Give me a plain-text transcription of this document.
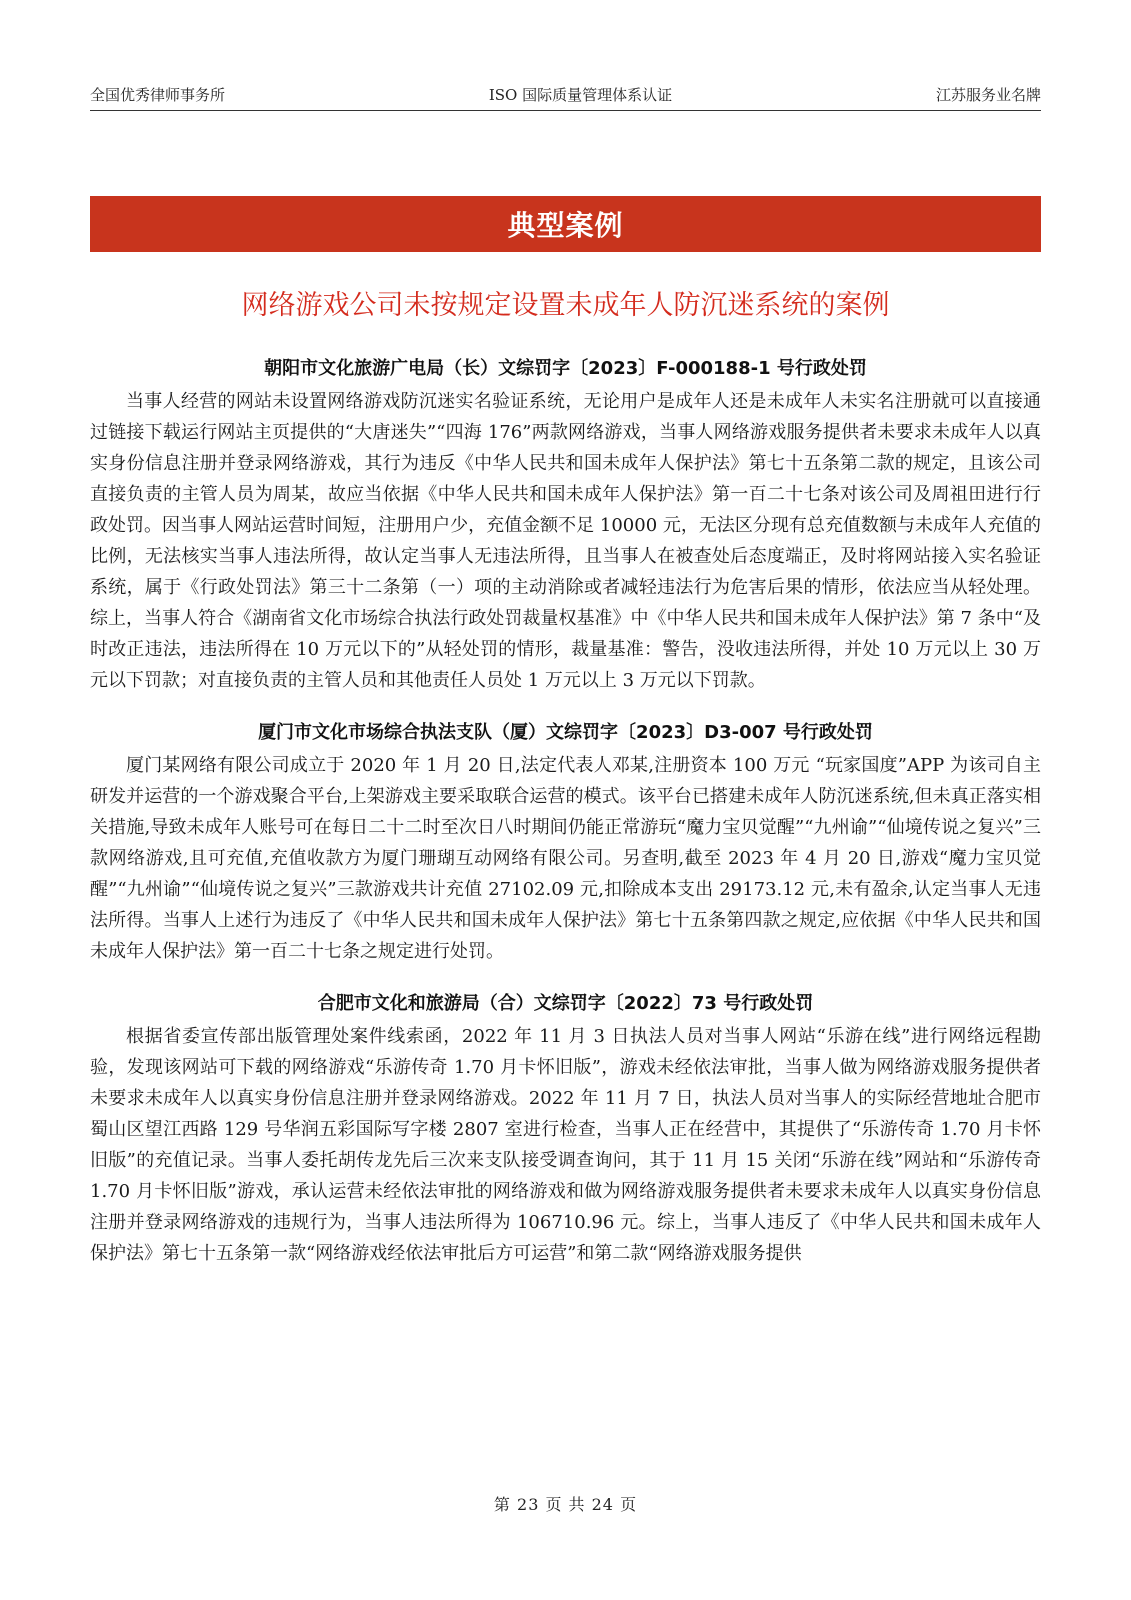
全国优秀律师事务所	ISO 国际质量管理体系认证	江苏服务业名牌
典型案例
网络游戏公司未按规定设置未成年人防沉迷系统的案例
朝阳市文化旅游广电局（长）文综罚字〔2023〕F-000188-1 号行政处罚

当事人经营的网站未设置网络游戏防沉迷实名验证系统，无论用户是成年人还是未成年人未实名注册就可以直接通过链接下载运行网站主页提供的“大唐迷失”“四海 176”两款网络游戏，当事人网络游戏服务提供者未要求未成年人以真实身份信息注册并登录网络游戏，其行为违反《中华人民共和国未成年人保护法》第七十五条第二款的规定，且该公司直接负责的主管人员为周某，故应当依据《中华人民共和国未成年人保护法》第一百二十七条对该公司及周祖田进行行政处罚。因当事人网站运营时间短，注册用户少，充值金额不足 10000 元，无法区分现有总充值数额与未成年人充值的比例，无法核实当事人违法所得，故认定当事人无违法所得，且当事人在被查处后态度端正，及时将网站接入实名验证系统，属于《行政处罚法》第三十二条第（一）项的主动消除或者减轻违法行为危害后果的情形，依法应当从轻处理。综上，当事人符合《湖南省文化市场综合执法行政处罚裁量权基准》中《中华人民共和国未成年人保护法》第 7 条中“及时改正违法，违法所得在 10 万元以下的”从轻处罚的情形，裁量基准：警告，没收违法所得，并处 10 万元以上 30 万元以下罚款；对直接负责的主管人员和其他责任人员处 1 万元以上 3 万元以下罚款。

厦门市文化市场综合执法支队（厦）文综罚字〔2023〕D3-007 号行政处罚

厦门某网络有限公司成立于 2020 年 1 月 20 日,法定代表人邓某,注册资本 100 万元 “玩家国度”APP 为该司自主研发并运营的一个游戏聚合平台,上架游戏主要采取联合运营的模式。该平台已搭建未成年人防沉迷系统,但未真正落实相关措施,导致未成年人账号可在每日二十二时至次日八时期间仍能正常游玩“魔力宝贝觉醒”“九州谕”“仙境传说之复兴”三款网络游戏,且可充值,充值收款方为厦门珊瑚互动网络有限公司。另查明,截至 2023 年 4 月 20 日,游戏“魔力宝贝觉醒”“九州谕”“仙境传说之复兴”三款游戏共计充值 27102.09 元,扣除成本支出 29173.12 元,未有盈余,认定当事人无违法所得。当事人上述行为违反了《中华人民共和国未成年人保护法》第七十五条第四款之规定,应依据《中华人民共和国未成年人保护法》第一百二十七条之规定进行处罚。

合肥市文化和旅游局（合）文综罚字〔2022〕73 号行政处罚

根据省委宣传部出版管理处案件线索函，2022 年 11 月 3 日执法人员对当事人网站“乐游在线”进行网络远程勘验，发现该网站可下载的网络游戏“乐游传奇 1.70 月卡怀旧版”，游戏未经依法审批，当事人做为网络游戏服务提供者未要求未成年人以真实身份信息注册并登录网络游戏。2022 年 11 月 7 日，执法人员对当事人的实际经营地址合肥市蜀山区望江西路 129 号华润五彩国际写字楼 2807 室进行检查，当事人正在经营中，其提供了“乐游传奇 1.70 月卡怀旧版”的充值记录。当事人委托胡传龙先后三次来支队接受调查询问，其于 11 月 15 关闭“乐游在线”网站和“乐游传奇 1.70 月卡怀旧版”游戏，承认运营未经依法审批的网络游戏和做为网络游戏服务提供者未要求未成年人以真实身份信息注册并登录网络游戏的违规行为，当事人违法所得为 106710.96 元。综上，当事人违反了《中华人民共和国未成年人保护法》第七十五条第一款“网络游戏经依法审批后方可运营”和第二款“网络游戏服务提供

第 23 页 共 24 页
